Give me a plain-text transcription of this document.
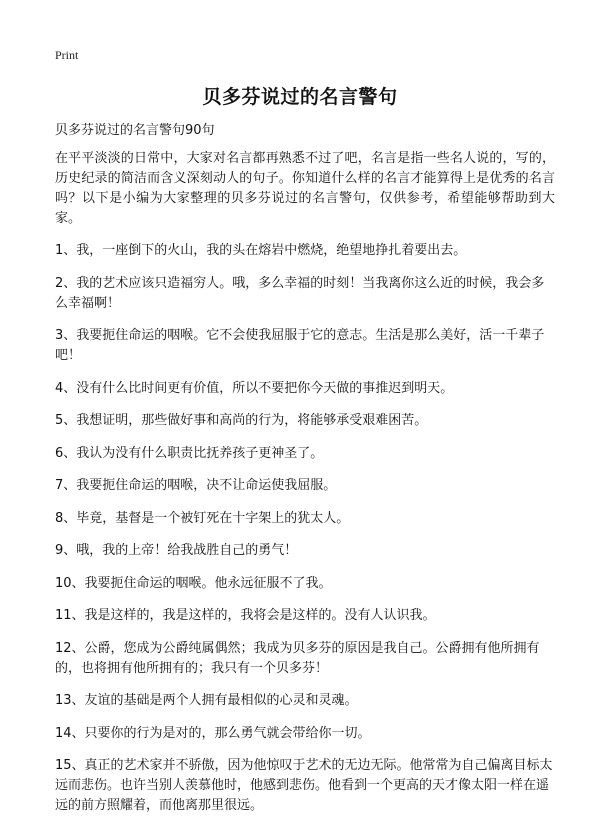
Print
贝多芬说过的名言警句
贝多芬说过的名言警句90句

在平平淡淡的日常中，大家对名言都再熟悉不过了吧，名言是指一些名人说的，写的，历史纪录的简洁而含义深刻动人的句子。你知道什么样的名言才能算得上是优秀的名言吗？以下是小编为大家整理的贝多芬说过的名言警句，仅供参考，希望能够帮助到大家。

1、我，一座倒下的火山，我的头在熔岩中燃烧，绝望地挣扎着要出去。

2、我的艺术应该只造福穷人。哦，多么幸福的时刻！当我离你这么近的时候，我会多么幸福啊！

3、我要扼住命运的咽喉。它不会使我屈服于它的意志。生活是那么美好，活一千辈子吧！

4、没有什么比时间更有价值，所以不要把你今天做的事推迟到明天。

5、我想证明，那些做好事和高尚的行为，将能够承受艰难困苦。

6、我认为没有什么职责比抚养孩子更神圣了。

7、我要扼住命运的咽喉，决不让命运使我屈服。

8、毕竟，基督是一个被钉死在十字架上的犹太人。

9、哦，我的上帝！给我战胜自己的勇气！

10、我要扼住命运的咽喉。他永远征服不了我。

11、我是这样的，我是这样的，我将会是这样的。没有人认识我。

12、公爵，您成为公爵纯属偶然；我成为贝多芬的原因是我自己。公爵拥有他所拥有的，也将拥有他所拥有的；我只有一个贝多芬！

13、友谊的基础是两个人拥有最相似的心灵和灵魂。

14、只要你的行为是对的，那么勇气就会带给你一切。

15、真正的艺术家并不骄傲，因为他惊叹于艺术的无边无际。他常常为自己偏离目标太远而悲伤。也许当别人羡慕他时，他感到悲伤。他看到一个更高的天才像太阳一样在遥远的前方照耀着，而他离那里很远。
